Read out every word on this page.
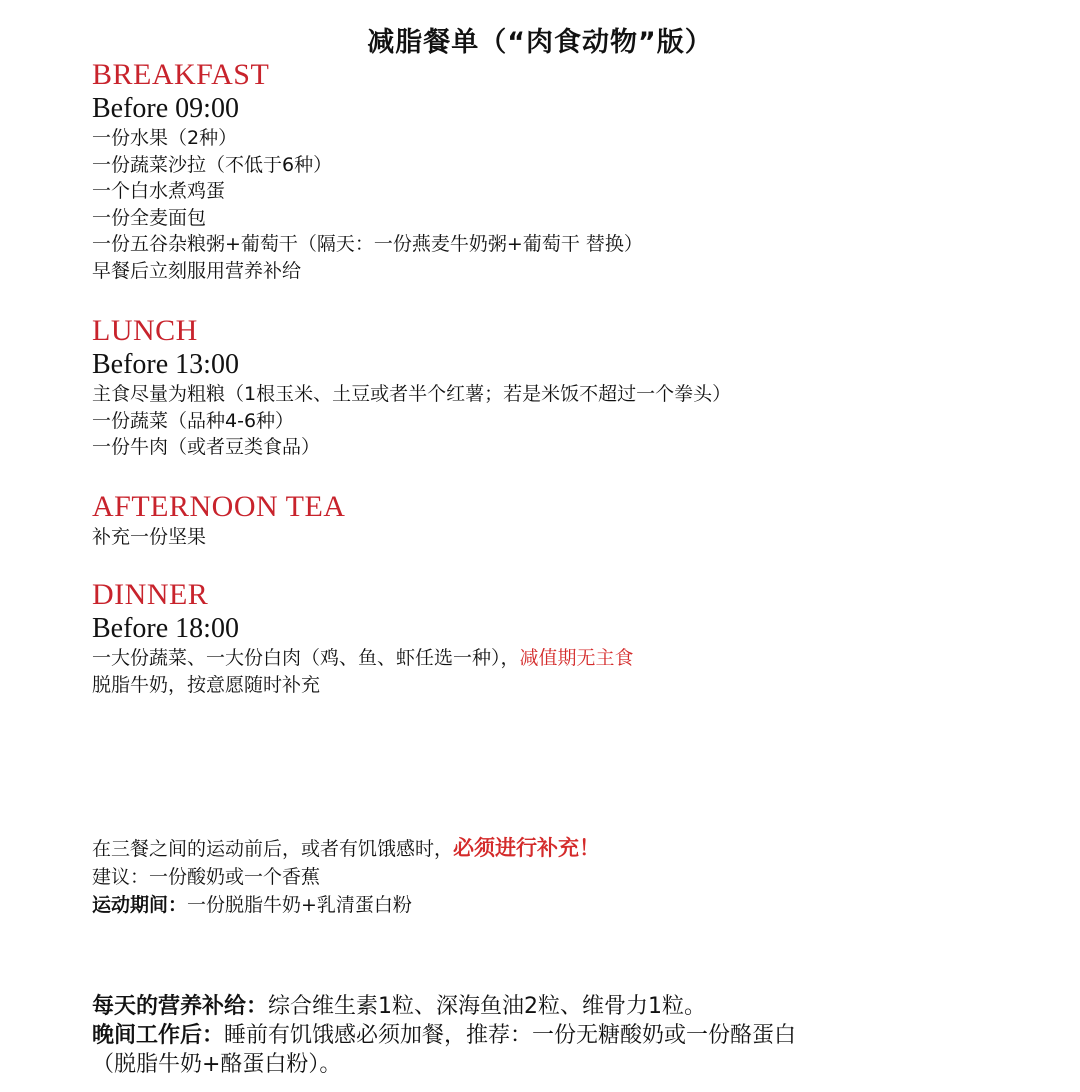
减脂餐单（“肉食动物”版）
BREAKFAST
Before 09:00
一份水果（2种）
一份蔬菜沙拉（不低于6种）
一个白水煮鸡蛋
一份全麦面包
一份五谷杂粮粥+葡萄干（隔天：一份燕麦牛奶粥+葡萄干 替换）
早餐后立刻服用营养补给
LUNCH
Before 13:00
主食尽量为粗粮（1根玉米、土豆或者半个红薯；若是米饭不超过一个拳头）
一份蔬菜（品种4-6种）
一份牛肉（或者豆类食品）
AFTERNOON TEA
补充一份坚果
DINNER
Before 18:00
一大份蔬菜、一大份白肉（鸡、鱼、虾任选一种），减值期无主食
脱脂牛奶，按意愿随时补充
在三餐之间的运动前后，或者有饥饿感时，必须进行补充！
建议：一份酸奶或一个香蕉
运动期间：一份脱脂牛奶+乳清蛋白粉
每天的营养补给：综合维生素1粒、深海鱼油2粒、维骨力1粒。
晚间工作后：睡前有饥饿感必须加餐，推荐：一份无糖酸奶或一份酪蛋白
（脱脂牛奶+酪蛋白粉）。
